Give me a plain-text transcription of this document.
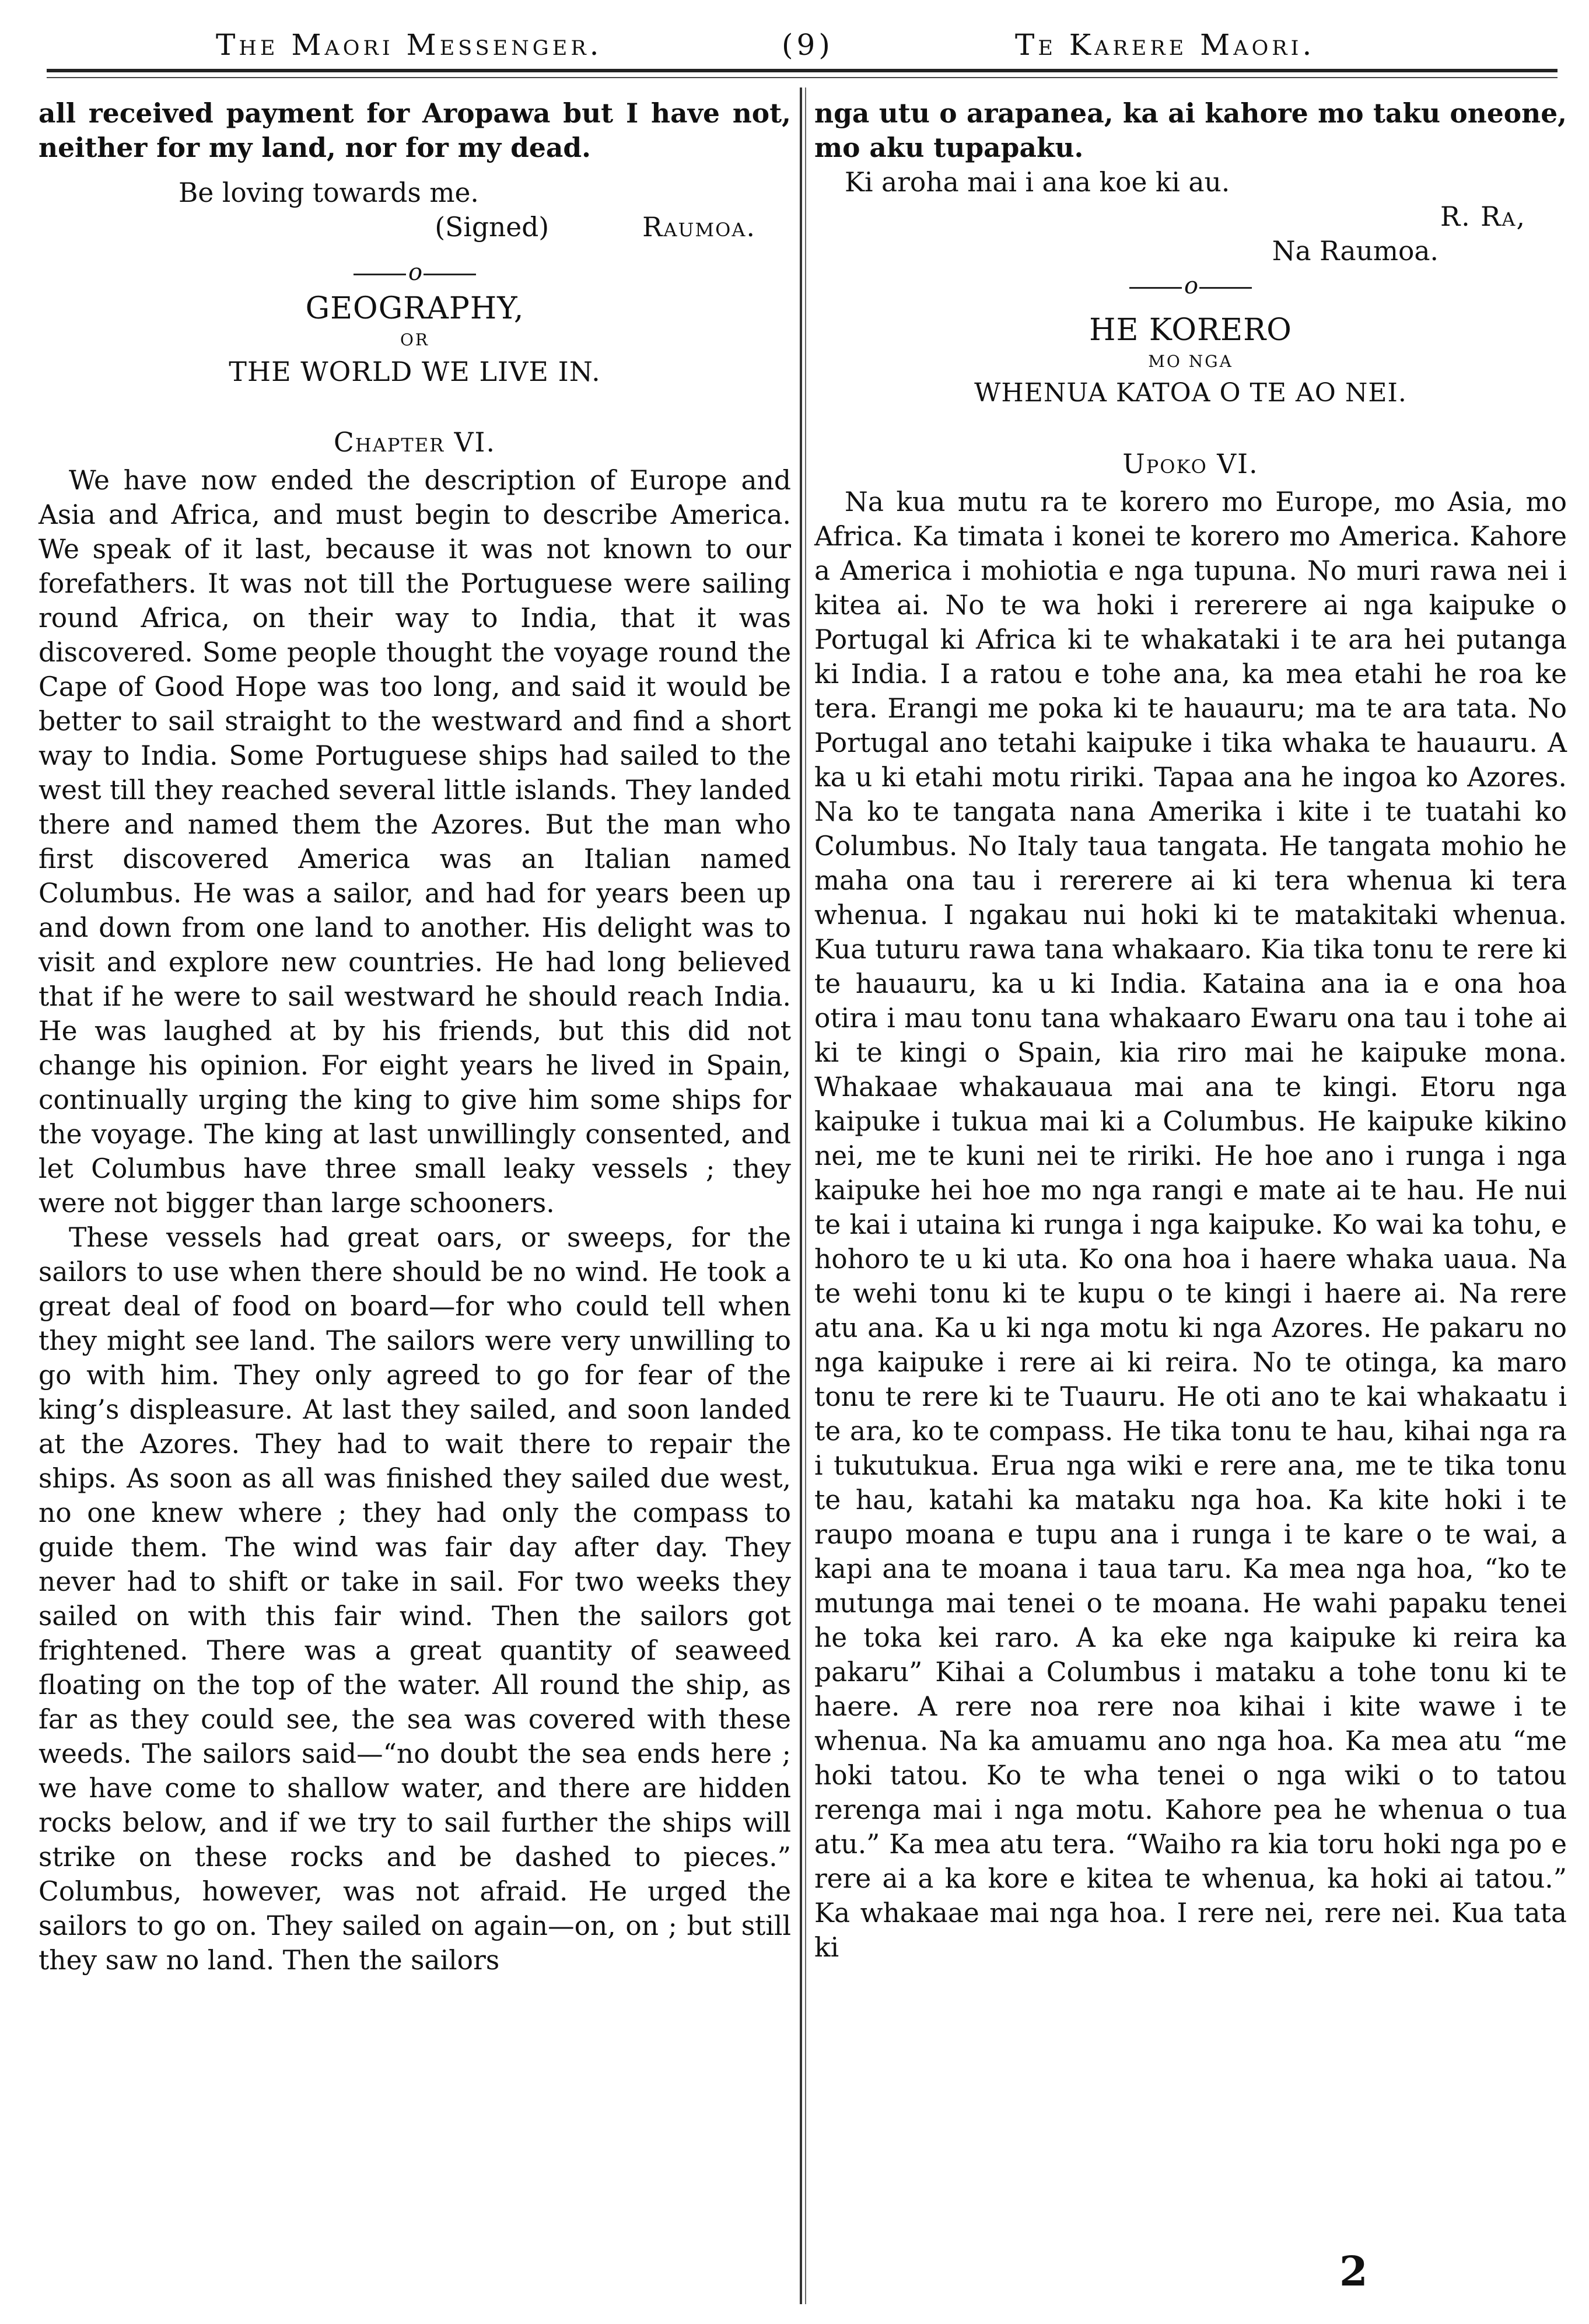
The Maori Messenger.	(9)	Te Karere Maori.

all received payment for Aropawa but I have not, neither for my land, nor for my dead.

Be loving towards me.

(Signed)	Raumoa.
o

GEOGRAPHY,

OR

THE WORLD WE LIVE IN.

Chapter VI.

We have now ended the description of Europe and Asia and Africa, and must begin to describe America. We speak of it last, because it was not known to our forefathers. It was not till the Portuguese were sailing round Africa, on their way to India, that it was discovered. Some people thought the voyage round the Cape of Good Hope was too long, and said it would be better to sail straight to the westward and find a short way to India. Some Portuguese ships had sailed to the west till they reached several little islands. They landed there and named them the Azores. But the man who first discovered America was an Italian named Columbus. He was a sailor, and had for years been up and down from one land to another. His delight was to visit and explore new countries. He had long believed that if he were to sail westward he should reach India. He was laughed at by his friends, but this did not change his opinion. For eight years he lived in Spain, continually urging the king to give him some ships for the voyage. The king at last unwillingly consented, and let Columbus have three small leaky vessels ; they were not bigger than large schooners.

These vessels had great oars, or sweeps, for the sailors to use when there should be no wind. He took a great deal of food on board—for who could tell when they might see land. The sailors were very unwilling to go with him. They only agreed to go for fear of the king’s displeasure. At last they sailed, and soon landed at the Azores. They had to wait there to repair the ships. As soon as all was finished they sailed due west, no one knew where ; they had only the compass to guide them. The wind was fair day after day. They never had to shift or take in sail. For two weeks they sailed on with this fair wind. Then the sailors got frightened. There was a great quantity of seaweed floating on the top of the water. All round the ship, as far as they could see, the sea was covered with these weeds. The sailors said—“no doubt the sea ends here ; we have come to shallow water, and there are hidden rocks below, and if we try to sail further the ships will strike on these rocks and be dashed to pieces.” Columbus, however, was not afraid. He urged the sailors to go on. They sailed on again—on, on ; but still they saw no land. Then the sailors

nga utu o arapanea, ka ai kahore mo taku oneone, mo aku tupapaku.

Ki aroha mai i ana koe ki au.

R. Ra,

Na Raumoa.

o

HE KORERO

MO NGA

WHENUA KATOA O TE AO NEI.

Upoko VI.

Na kua mutu ra te korero mo Europe, mo Asia, mo Africa. Ka timata i konei te korero mo America. Kahore a America i mohiotia e nga tupuna. No muri rawa nei i kitea ai. No te wa hoki i rererere ai nga kaipuke o Portugal ki Africa ki te whakataki i te ara hei putanga ki India. I a ratou e tohe ana, ka mea etahi he roa ke tera. Erangi me poka ki te hauauru; ma te ara tata. No Portugal ano tetahi kaipuke i tika whaka te hauauru. A ka u ki etahi motu ririki. Tapaa ana he ingoa ko Azores. Na ko te tangata nana Amerika i kite i te tuatahi ko Columbus. No Italy taua tangata. He tangata mohio he maha ona tau i rererere ai ki tera whenua ki tera whenua. I ngakau nui hoki ki te matakitaki whenua. Kua tuturu rawa tana whakaaro. Kia tika tonu te rere ki te hauauru, ka u ki India. Kataina ana ia e ona hoa otira i mau tonu tana whakaaro Ewaru ona tau i tohe ai ki te kingi o Spain, kia riro mai he kaipuke mona. Whakaae whakauaua mai ana te kingi. Etoru nga kaipuke i tukua mai ki a Columbus. He kaipuke kikino nei, me te kuni nei te ririki. He hoe ano i runga i nga kaipuke hei hoe mo nga rangi e mate ai te hau. He nui te kai i utaina ki runga i nga kaipuke. Ko wai ka tohu, e hohoro te u ki uta. Ko ona hoa i haere whaka uaua. Na te wehi tonu ki te kupu o te kingi i haere ai. Na rere atu ana. Ka u ki nga motu ki nga Azores. He pakaru no nga kaipuke i rere ai ki reira. No te otinga, ka maro tonu te rere ki te Tuauru. He oti ano te kai whakaatu i te ara, ko te compass. He tika tonu te hau, kihai nga ra i tukutukua. Erua nga wiki e rere ana, me te tika tonu te hau, katahi ka mataku nga hoa. Ka kite hoki i te raupo moana e tupu ana i runga i te kare o te wai, a kapi ana te moana i taua taru. Ka mea nga hoa, “ko te mutunga mai tenei o te moana. He wahi papaku tenei he toka kei raro. A ka eke nga kaipuke ki reira ka pakaru” Kihai a Columbus i mataku a tohe tonu ki te haere. A rere noa rere noa kihai i kite wawe i te whenua. Na ka amuamu ano nga hoa. Ka mea atu “me hoki tatou. Ko te wha tenei o nga wiki o to tatou rerenga mai i nga motu. Kahore pea he whenua o tua atu.” Ka mea atu tera. “Waiho ra kia toru hoki nga po e rere ai a ka kore e kitea te whenua, ka hoki ai tatou.” Ka whakaae mai nga hoa. I rere nei, rere nei. Kua tata ki

2
